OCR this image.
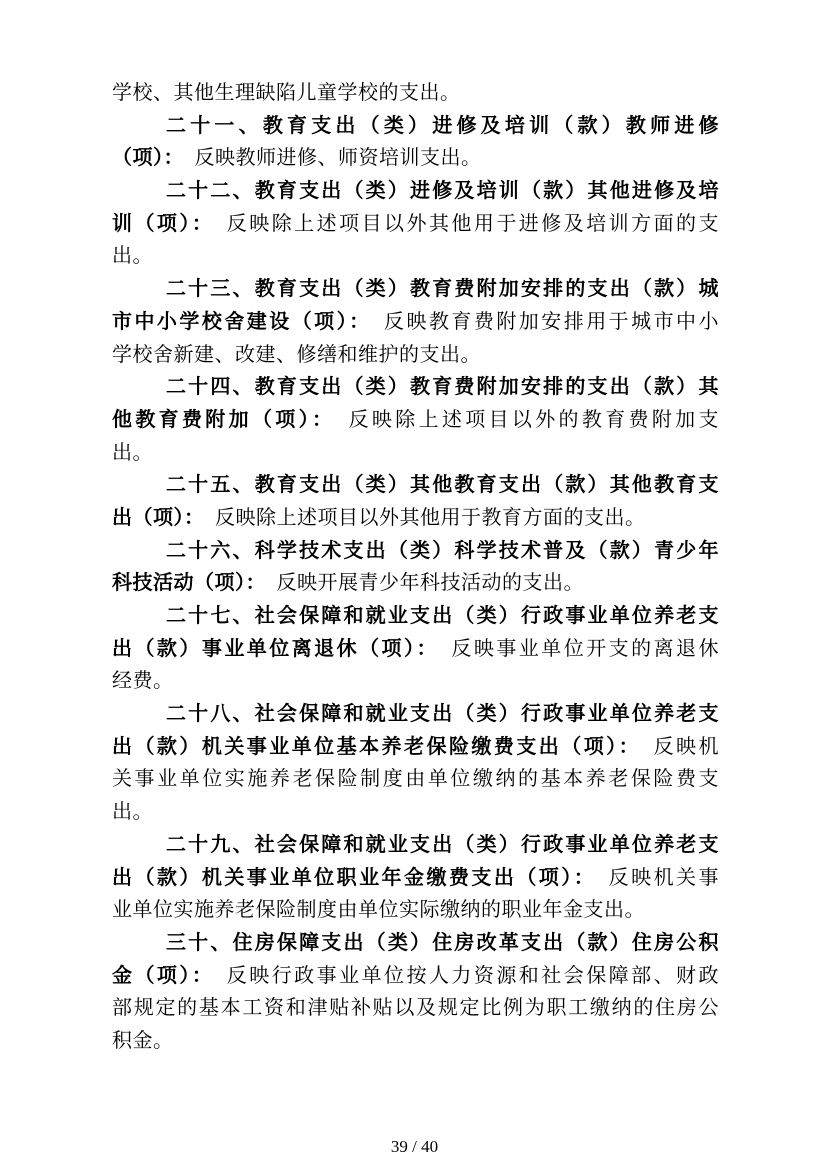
学校、其他生理缺陷儿童学校的支出。
二十一、教育支出（类）进修及培训（款）教师进修
（项）：  反映教师进修、师资培训支出。
二十二、教育支出（类）进修及培训（款）其他进修及培
训（项）：  反映除上述项目以外其他用于进修及培训方面的支
出。
二十三、教育支出（类）教育费附加安排的支出（款）城
市中小学校舍建设（项）：  反映教育费附加安排用于城市中小
学校舍新建、改建、修缮和维护的支出。
二十四、教育支出（类）教育费附加安排的支出（款）其
他教育费附加（项）：  反映除上述项目以外的教育费附加支
出。
二十五、教育支出（类）其他教育支出（款）其他教育支
出（项）：  反映除上述项目以外其他用于教育方面的支出。
二十六、科学技术支出（类）科学技术普及（款）青少年
科技活动（项）：  反映开展青少年科技活动的支出。
二十七、社会保障和就业支出（类）行政事业单位养老支
出（款）事业单位离退休（项）：  反映事业单位开支的离退休
经费。
二十八、社会保障和就业支出（类）行政事业单位养老支
出（款）机关事业单位基本养老保险缴费支出（项）：  反映机
关事业单位实施养老保险制度由单位缴纳的基本养老保险费支
出。
二十九、社会保障和就业支出（类）行政事业单位养老支
出（款）机关事业单位职业年金缴费支出（项）：  反映机关事
业单位实施养老保险制度由单位实际缴纳的职业年金支出。
三十、住房保障支出（类）住房改革支出（款）住房公积
金（项）：  反映行政事业单位按人力资源和社会保障部、财政
部规定的基本工资和津贴补贴以及规定比例为职工缴纳的住房公
积金。
39 / 40
